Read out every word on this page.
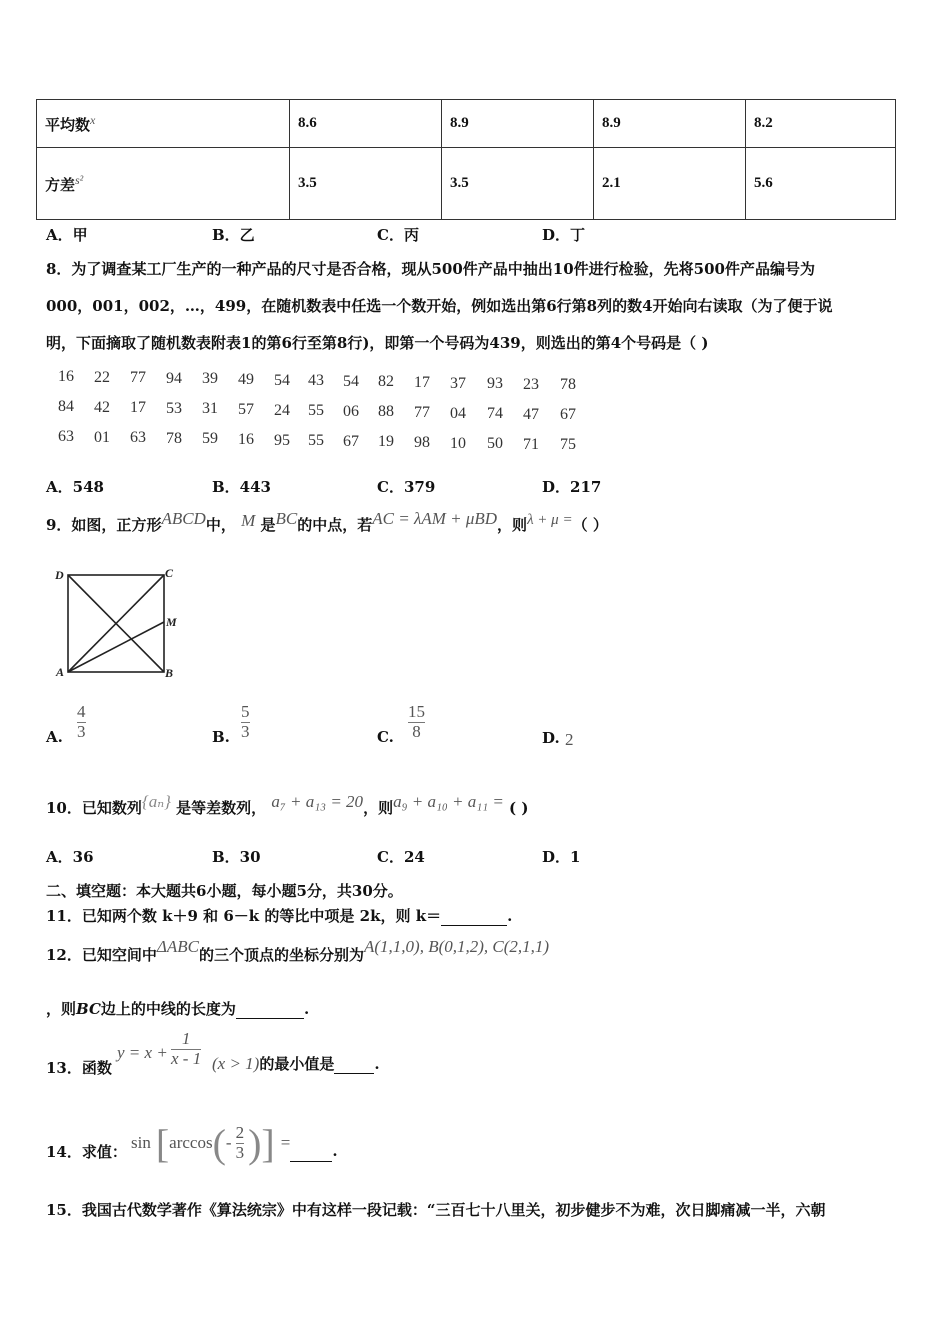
平均数$^x$	8.6	8.9	8.9	8.2
方差$^{s^2}$	3.5	3.5	2.1	5.6
A．甲	B．乙	C．丙	D．丁
8．为了调查某工厂生产的一种产品的尺寸是否合格，现从500件产品中抽出10件进行检验，先将500件产品编号为
000，001，002，…，499，在随机数表中任选一个数开始，例如选出第6行第8列的数4开始向右读取（为了便于说
明，下面摘取了随机数表附表1的第6行至第8行)，即第一个号码为439，则选出的第4个号码是（ )
16 22 77 94 39 49 54 43 54 82 17 37 93 23 78
84 42 17 53 31 57 24 55 06 88 77 04 74 47 67
63 01 63 78 59 16 95 55 67 19 98 10 50 71 75
A．548	B．443	C．379	D．217
9．如图，正方形ABCD中， M 是BC的中点，若AC = λAM + μBD，则λ + μ =（ ）
D	C
M
A	B
A.
4
3	B.
5
3	C.
15
8	D. 2
10．已知数列{aₙ} 是等差数列， a₇ + a₁₃ = 20，则a₉ + a₁₀ + a₁₁ = ( )
A．36	B．30	C．24	D．1
二、填空题：本大题共6小题，每小题5分，共30分。
11．已知两个数 k＋9 和 6－k 的等比中项是 2k，则 k＝	.
12．已知空间中ΔABC的三个顶点的坐标分别为A(1,1,0), B(0,1,2), C(2,1,1)
，则BC边上的中线的长度为	.
13．函数
y = x +
1
x - 1 (x > 1)的最小值是	.
14．求值： sin [ arccos ( - $\frac{2}{3}$ ) ] =
	.
15．我国古代数学著作《算法统宗》中有这样一段记载：“三百七十八里关，初步健步不为难，次日脚痛减一半，六朝
